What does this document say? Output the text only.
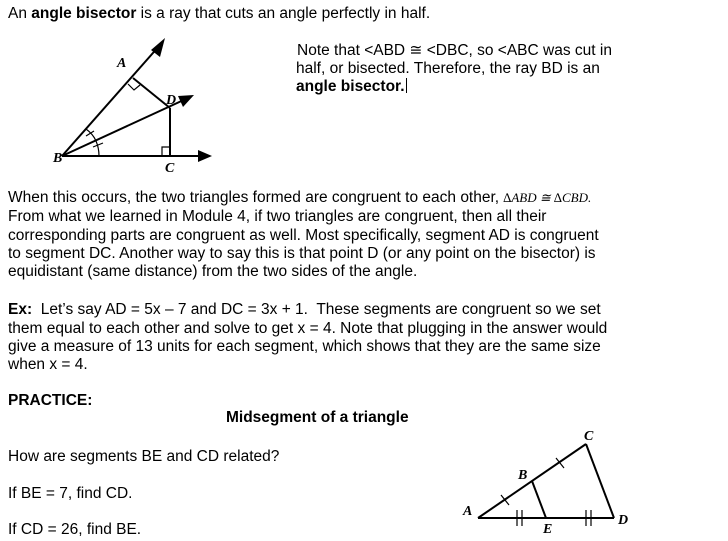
An angle bisector is a ray that cuts an angle perfectly in half.
A
B
C
D
Note that <ABD ≅ <DBC, so <ABC was cut in
half, or bisected. Therefore, the ray BD is an
angle bisector.
When this occurs, the two triangles formed are congruent to each other, ∆ABD ≅ ∆CBD.
From what we learned in Module 4, if two triangles are congruent, then all their
corresponding parts are congruent as well. Most specifically, segment AD is congruent
to segment DC. Another way to say this is that point D (or any point on the bisector) is
equidistant (same distance) from the two sides of the angle.
Ex:  Let’s say AD = 5x – 7 and DC = 3x + 1.  These segments are congruent so we set
them equal to each other and solve to get x = 4. Note that plugging in the answer would
give a measure of 13 units for each segment, which shows that they are the same size
when x = 4.
PRACTICE:
Midsegment of a triangle
How are segments BE and CD related?
If BE = 7, find CD.
If CD = 26, find BE.
A
B
C
D
E
